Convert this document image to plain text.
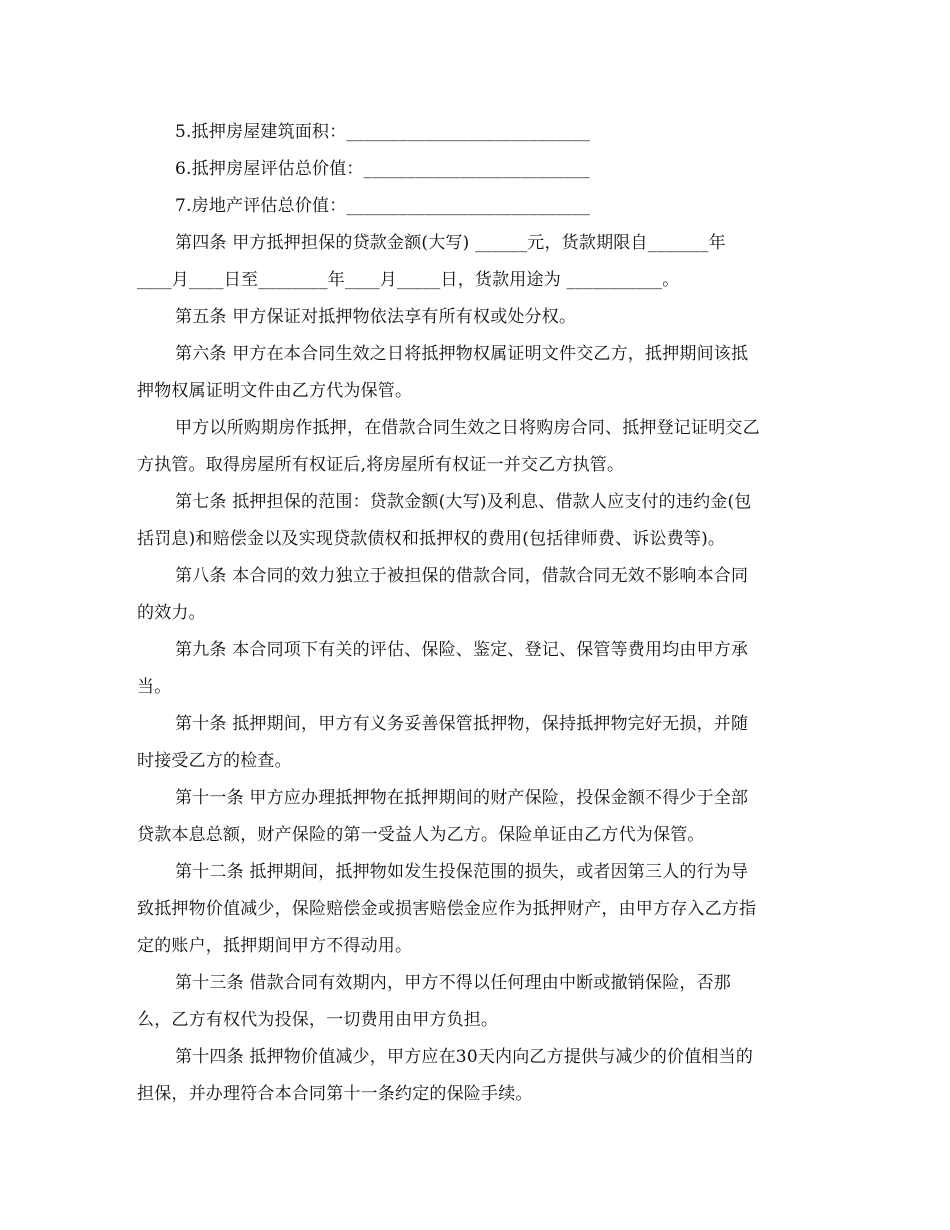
5.抵押房屋建筑面积：____________________________
6.抵押房屋评估总价值：__________________________
7.房地产评估总价值：____________________________
第四条 甲方抵押担保的贷款金额(大写) ______元，货款期限自_______年
____月____日至________年____月_____日，货款用途为 ___________。
第五条 甲方保证对抵押物依法享有所有权或处分权。
第六条 甲方在本合同生效之日将抵押物权属证明文件交乙方，抵押期间该抵
押物权属证明文件由乙方代为保管。
甲方以所购期房作抵押，在借款合同生效之日将购房合同、抵押登记证明交乙
方执管。取得房屋所有权证后,将房屋所有权证一并交乙方执管。
第七条 抵押担保的范围：贷款金额(大写)及利息、借款人应支付的违约金(包
括罚息)和赔偿金以及实现贷款债权和抵押权的费用(包括律师费、诉讼费等)。
第八条 本合同的效力独立于被担保的借款合同，借款合同无效不影响本合同
的效力。
第九条 本合同项下有关的评估、保险、鉴定、登记、保管等费用均由甲方承
当。
第十条 抵押期间，甲方有义务妥善保管抵押物，保持抵押物完好无损，并随
时接受乙方的检查。
第十一条 甲方应办理抵押物在抵押期间的财产保险，投保金额不得少于全部
贷款本息总额，财产保险的第一受益人为乙方。保险单证由乙方代为保管。
第十二条 抵押期间，抵押物如发生投保范围的损失，或者因第三人的行为导
致抵押物价值减少，保险赔偿金或损害赔偿金应作为抵押财产，由甲方存入乙方指
定的账户，抵押期间甲方不得动用。
第十三条 借款合同有效期内，甲方不得以任何理由中断或撤销保险，否那
么，乙方有权代为投保，一切费用由甲方负担。
第十四条 抵押物价值减少，甲方应在30天内向乙方提供与减少的价值相当的
担保，并办理符合本合同第十一条约定的保险手续。
